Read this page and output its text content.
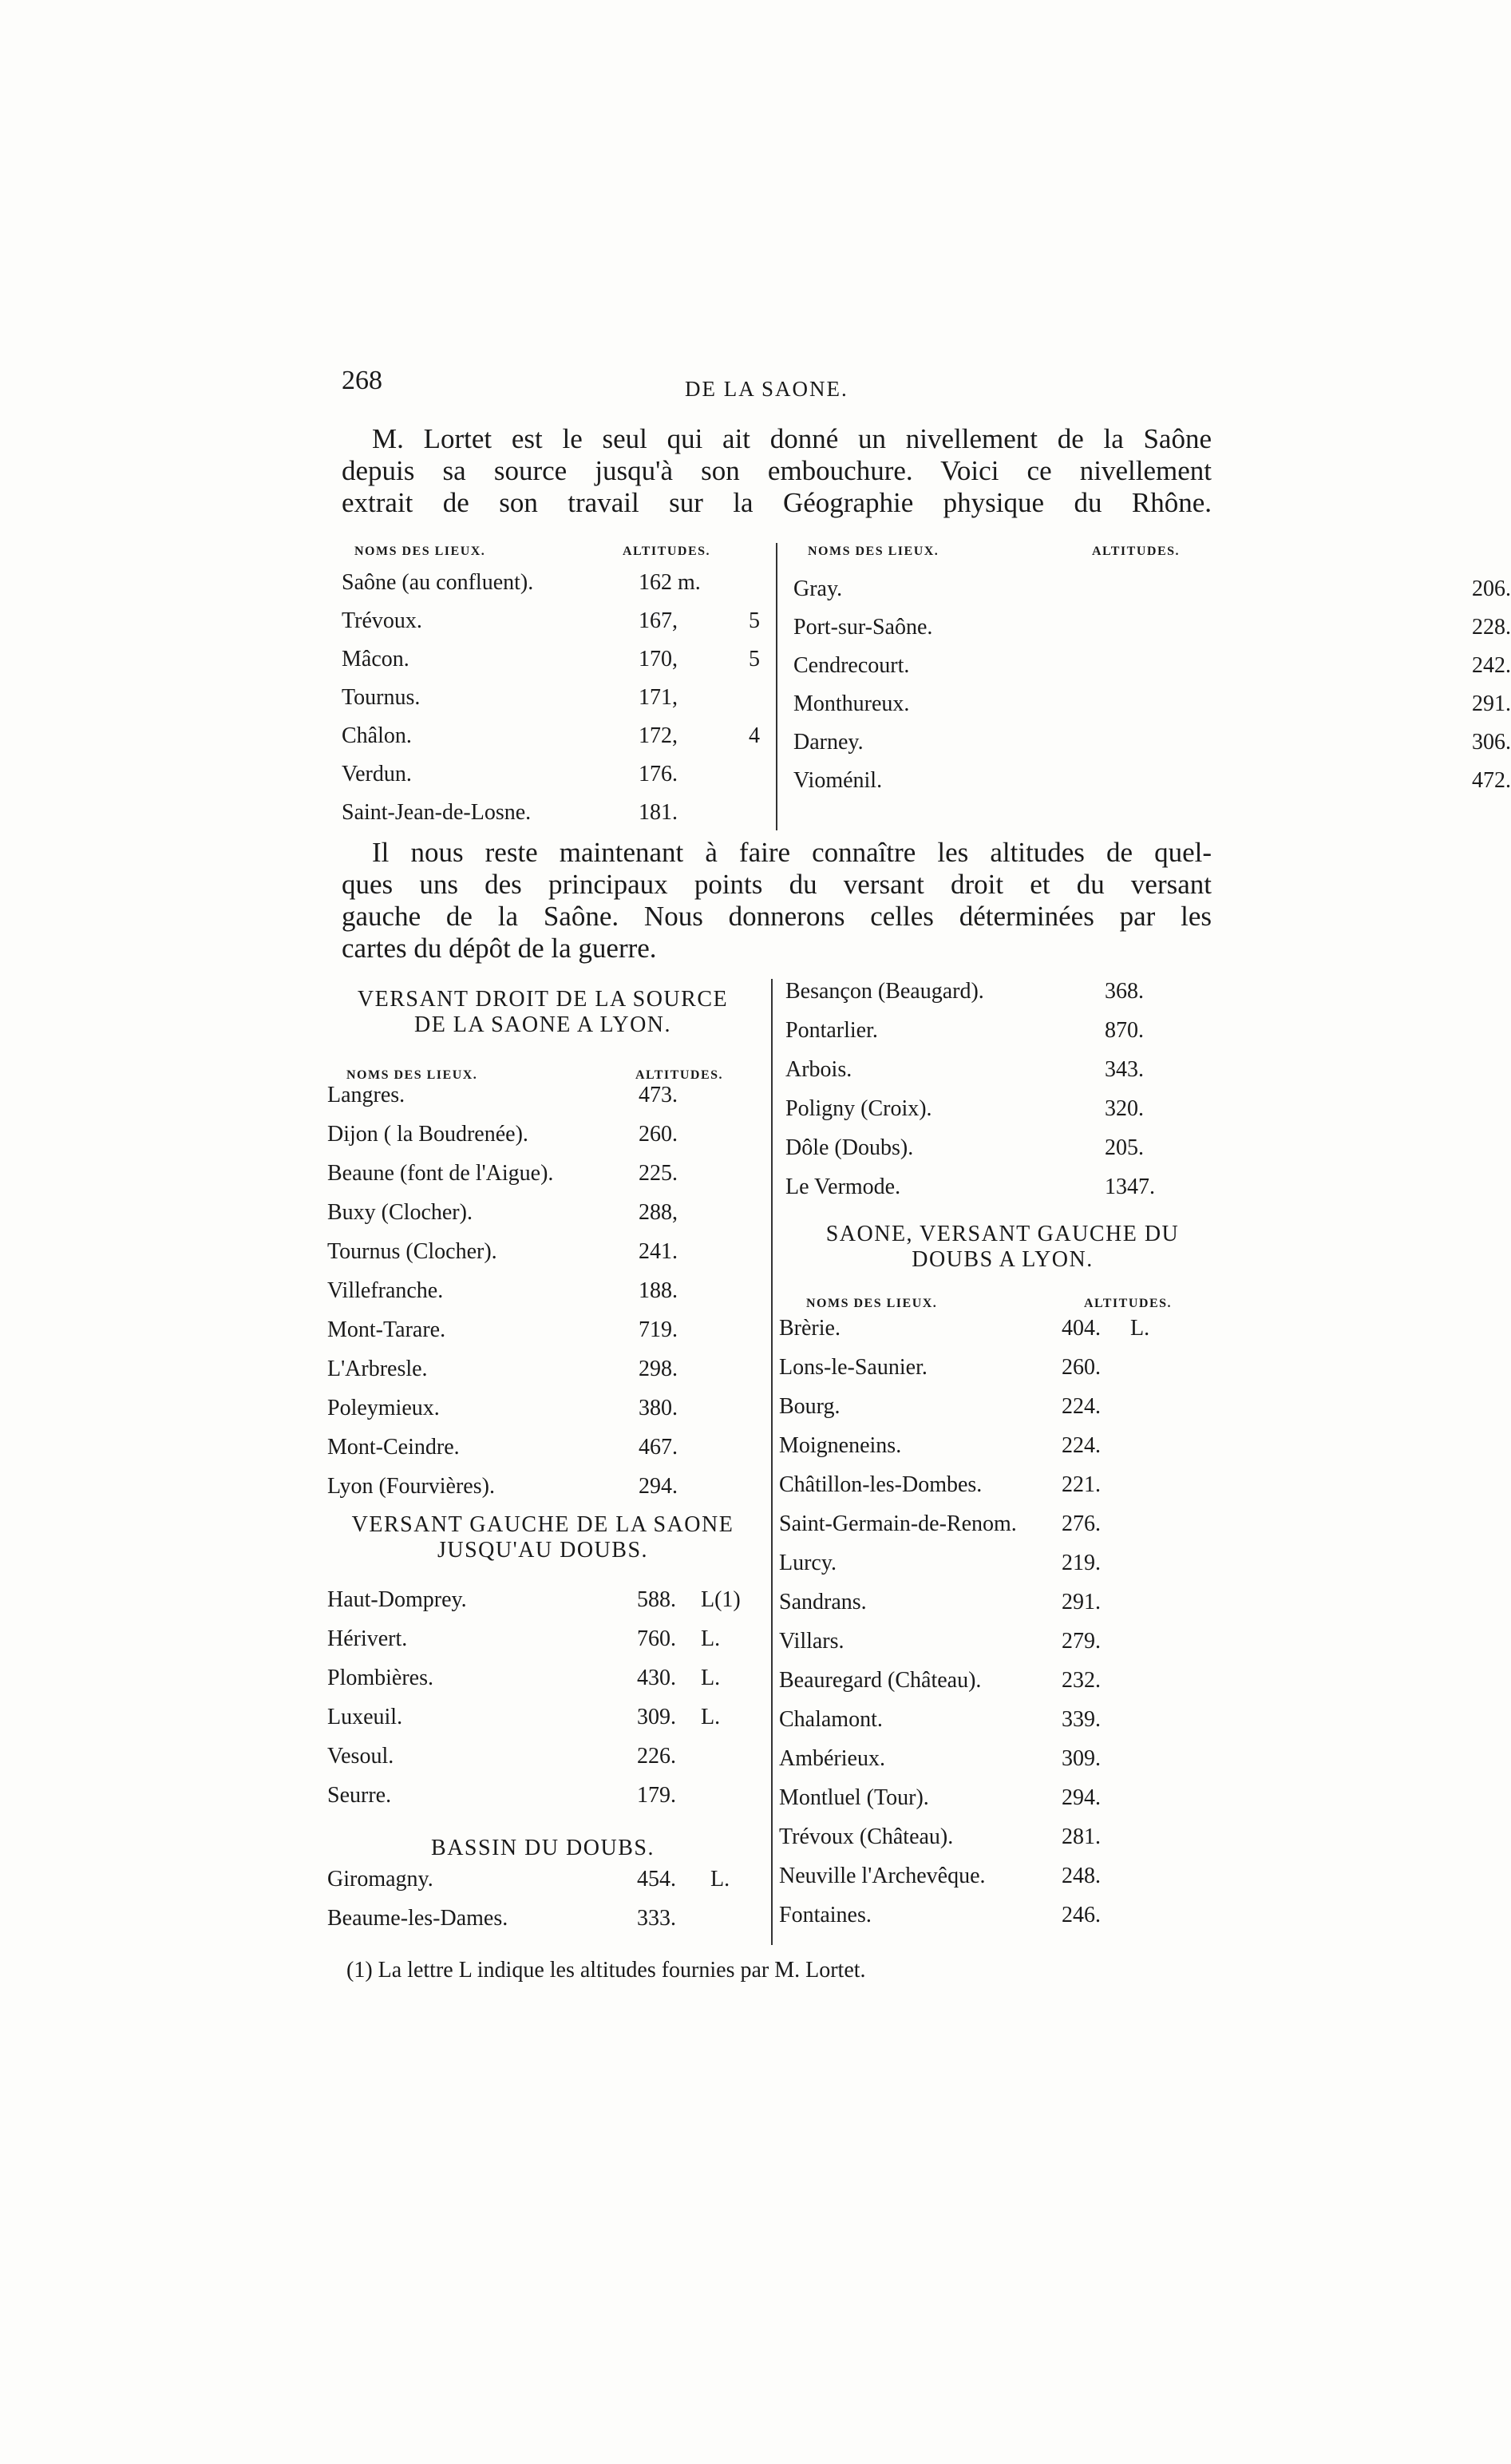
268	DE LA SAONE.
M. Lortet est le seul qui ait donné un nivellement de la Saône
depuis sa source jusqu'à son embouchure. Voici ce nivellement
extrait de son travail sur la Géographie physique du Rhône.
NOMS DES LIEUX.	ALTITUDES.	NOMS DES LIEUX.	ALTITUDES.
Saône (au confluent).	162 m.
Trévoux.	167,	5
Mâcon.	170,	5
Tournus.	171,
Châlon.	172,	4
Verdun.	176.
Saint-Jean-de-Losne.	181.
Gray.	206.
Port-sur-Saône.	228.
Cendrecourt.	242.
Monthureux.	291.
Darney.	306.
Vioménil.	472.
Il nous reste maintenant à faire connaître les altitudes de quel-
ques uns des principaux points du versant droit et du versant
gauche de la Saône. Nous donnerons celles déterminées par les
cartes du dépôt de la guerre.
VERSANT DROIT DE LA SOURCE
DE LA SAONE A LYON.
NOMS DES LIEUX.	ALTITUDES.
Langres.	473.
Dijon ( la Boudrenée).	260.
Beaune (font de l'Aigue).	225.
Buxy (Clocher).	288,
Tournus (Clocher).	241.
Villefranche.	188.
Mont-Tarare.	719.
L'Arbresle.	298.
Poleymieux.	380.
Mont-Ceindre.	467.
Lyon (Fourvières).	294.
VERSANT GAUCHE DE LA SAONE
JUSQU'AU DOUBS.
Haut-Domprey.	588. L(1)
Hérivert.	760. L.
Plombières.	430. L.
Luxeuil.	309. L.
Vesoul.	226.
Seurre.	179.
BASSIN DU DOUBS.
Giromagny.	454. L.
Beaume-les-Dames.	333.
Besançon (Beaugard).	368.
Pontarlier.	870.
Arbois.	343.
Poligny (Croix).	320.
Dôle (Doubs).	205.
Le Vermode.	1347.
SAONE, VERSANT GAUCHE DU
DOUBS A LYON.
NOMS DES LIEUX.	ALTITUDES.
Brèrie.	404. L.
Lons-le-Saunier.	260.
Bourg.	224.
Moigneneins.	224.
Châtillon-les-Dombes.	221.
Saint-Germain-de-Renom. 276.
Lurcy.	219.
Sandrans.	291.
Villars.	279.
Beauregard (Château).	232.
Chalamont.	339.
Ambérieux.	309.
Montluel (Tour).	294.
Trévoux (Château).	281.
Neuville l'Archevêque.	248.
Fontaines.	246.
(1) La lettre L indique les altitudes fournies par M. Lortet.
